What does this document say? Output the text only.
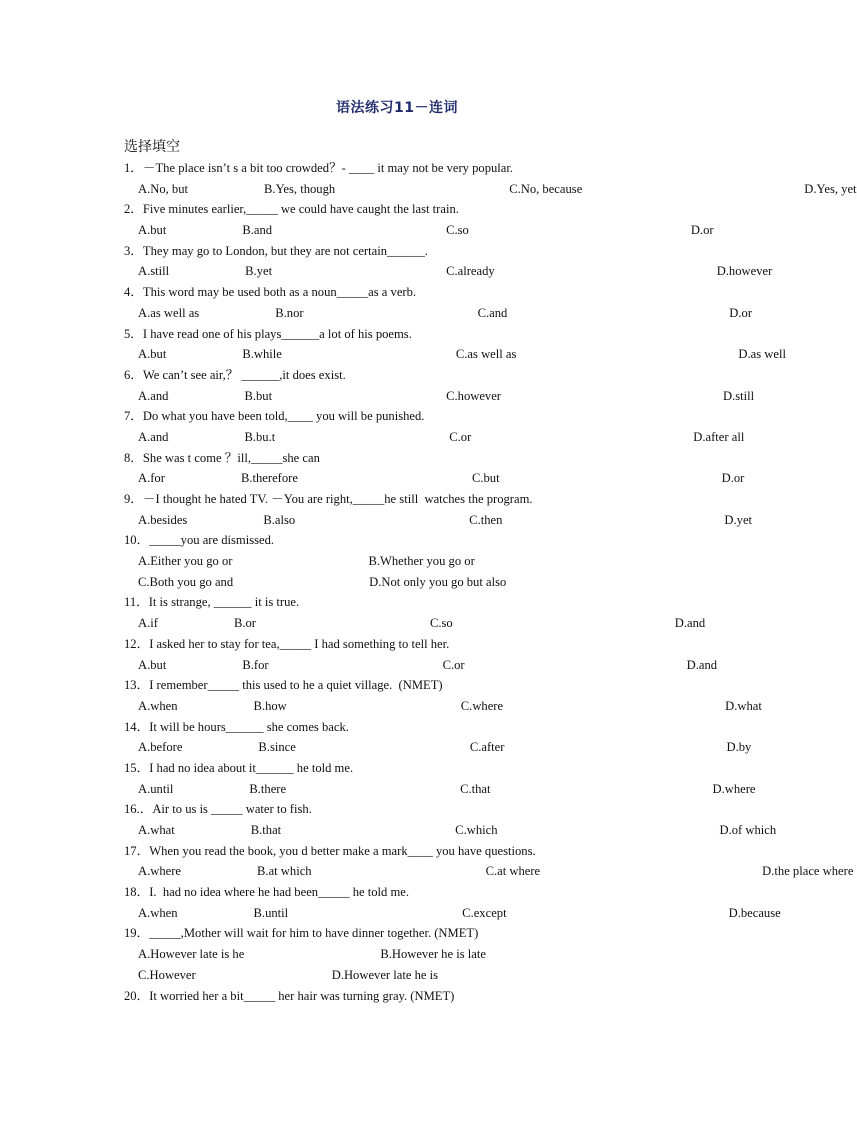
语法练习11－连词
选择填空
1．－The place isn’t s a bit too crowded？- ____ it may not be very popular.
A.No, but	B.Yes, though	C.No, because	D.Yes, yet
2．Five minutes earlier,_____ we could have caught the last train.
A.but	B.and	C.so	D.or
3．They may go to London, but they are not certain______.
A.still	B.yet	C.already	D.however
4．This word may be used both as a noun_____as a verb.
A.as well as	B.nor	C.and	D.or
5．I have read one of his plays______a lot of his poems.
A.but	B.while	C.as well as	D.as well
6．We can’t see air,？ ______,it does exist.
A.and	B.but	C.however	D.still
7．Do what you have been told,____ you will be punished.
A.and	B.bu.t	C.or	D.after all
8．She was t come ？ill,_____she can
A.for	B.therefore	C.but	D.or
9．－I thought he hated TV. －You are right,_____he still  watches the program.
A.besides	B.also	C.then	D.yet
10．_____you are dismissed.
A.Either you go or	B.Whether you go or
C.Both you go and	D.Not only you go but also
11．It is strange, ______ it is true.
A.if	B.or	C.so	D.and
12．I asked her to stay for tea,_____ I had something to tell her.
A.but	B.for	C.or	D.and
13．I remember_____ this used to he a quiet village.  (NMET)
A.when	B.how	C.where	D.what
14．It will be hours______ she comes back.
A.before	B.since	C.after	D.by
15．I had no idea about it______ he told me.
A.until	B.there	C.that	D.where
16.．Air to us is _____ water to fish.
A.what	B.that	C.which	D.of which
17．When you read the book, you d better make a mark____ you have questions.
A.where	B.at which	C.at where	D.the place where
18．I.  had no idea where he had been_____ he told me.
A.when	B.until	C.except	D.because
19．_____,Mother will wait for him to have dinner together. (NMET)
A.However late is he	B.However he is late
C.However	D.However late he is
20．It worried her a bit_____ her hair was turning gray. (NMET)
